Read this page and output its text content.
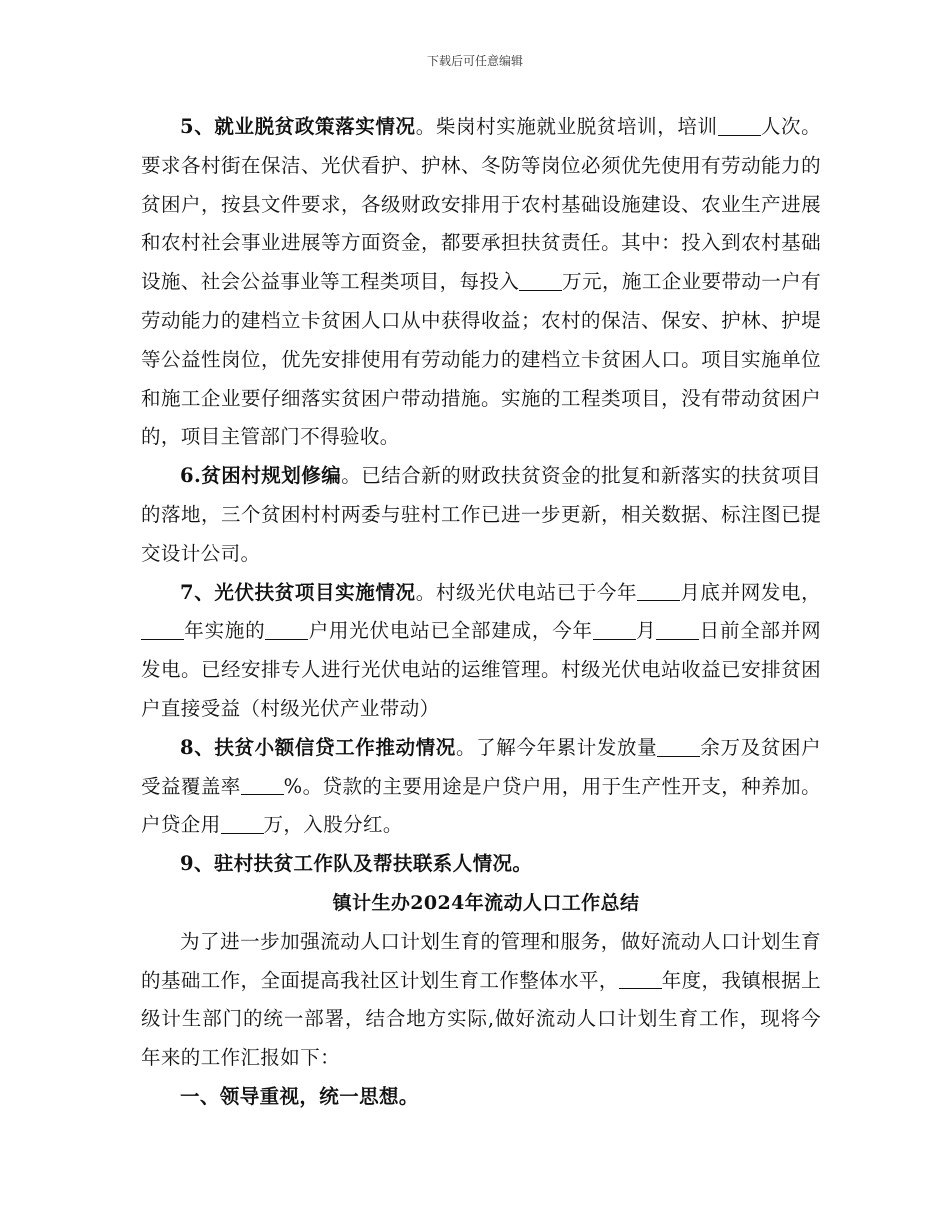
下载后可任意编辑

5、就业脱贫政策落实情况。柴岗村实施就业脱贫培训，培训 人次。要求各村街在保洁、光伏看护、护林、冬防等岗位必须优先使用有劳动能力的贫困户，按县文件要求，各级财政安排用于农村基础设施建设、农业生产进展和农村社会事业进展等方面资金，都要承担扶贫责任。其中：投入到农村基础设施、社会公益事业等工程类项目，每投入 万元，施工企业要带动一户有劳动能力的建档立卡贫困人口从中获得收益；农村的保洁、保安、护林、护堤等公益性岗位，优先安排使用有劳动能力的建档立卡贫困人口。项目实施单位和施工企业要仔细落实贫困户带动措施。实施的工程类项目，没有带动贫困户的，项目主管部门不得验收。

6.贫困村规划修编。已结合新的财政扶贫资金的批复和新落实的扶贫项目的落地，三个贫困村村两委与驻村工作已进一步更新，相关数据、标注图已提交设计公司。

7、光伏扶贫项目实施情况。村级光伏电站已于今年 月底并网发电，年实施的 户用光伏电站已全部建成，今年 月 日前全部并网发电。已经安排专人进行光伏电站的运维管理。村级光伏电站收益已安排贫困户直接受益（村级光伏产业带动）

8、扶贫小额信贷工作推动情况。了解今年累计发放量 余万及贫困户受益覆盖率 %。贷款的主要用途是户贷户用，用于生产性开支，种养加。户贷企用 万，入股分红。

9、驻村扶贫工作队及帮扶联系人情况。

镇计生办2024年流动人口工作总结

为了进一步加强流动人口计划生育的管理和服务，做好流动人口计划生育的基础工作，全面提高我社区计划生育工作整体水平， 年度，我镇根据上级计生部门的统一部署，结合地方实际,做好流动人口计划生育工作，现将今年来的工作汇报如下：

一、领导重视，统一思想。
